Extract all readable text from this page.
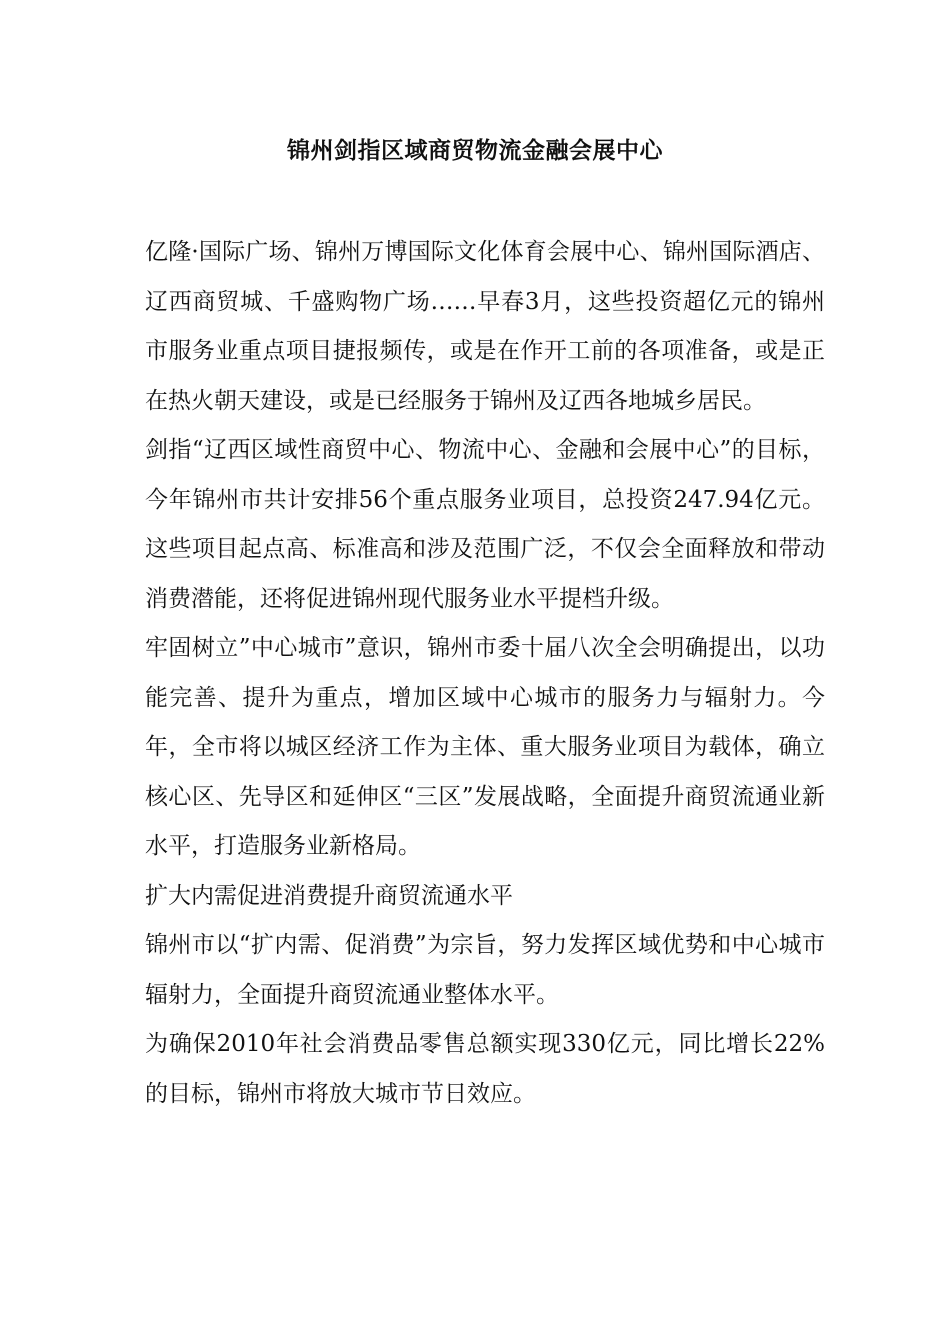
锦州剑指区域商贸物流金融会展中心

亿隆·国际广场、锦州万博国际文化体育会展中心、锦州国际酒店、辽西商贸城、千盛购物广场……早春3月，这些投资超亿元的锦州市服务业重点项目捷报频传，或是在作开工前的各项准备，或是正在热火朝天建设，或是已经服务于锦州及辽西各地城乡居民。

剑指“辽西区域性商贸中心、物流中心、金融和会展中心”的目标，今年锦州市共计安排56个重点服务业项目，总投资247.94亿元。这些项目起点高、标准高和涉及范围广泛，不仅会全面释放和带动消费潜能，还将促进锦州现代服务业水平提档升级。

牢固树立”中心城市”意识，锦州市委十届八次全会明确提出，以功能完善、提升为重点，增加区域中心城市的服务力与辐射力。今年，全市将以城区经济工作为主体、重大服务业项目为载体，确立核心区、先导区和延伸区“三区”发展战略，全面提升商贸流通业新水平，打造服务业新格局。

扩大内需促进消费提升商贸流通水平

锦州市以“扩内需、促消费”为宗旨，努力发挥区域优势和中心城市辐射力，全面提升商贸流通业整体水平。

为确保2010年社会消费品零售总额实现330亿元，同比增长22%的目标，锦州市将放大城市节日效应。
